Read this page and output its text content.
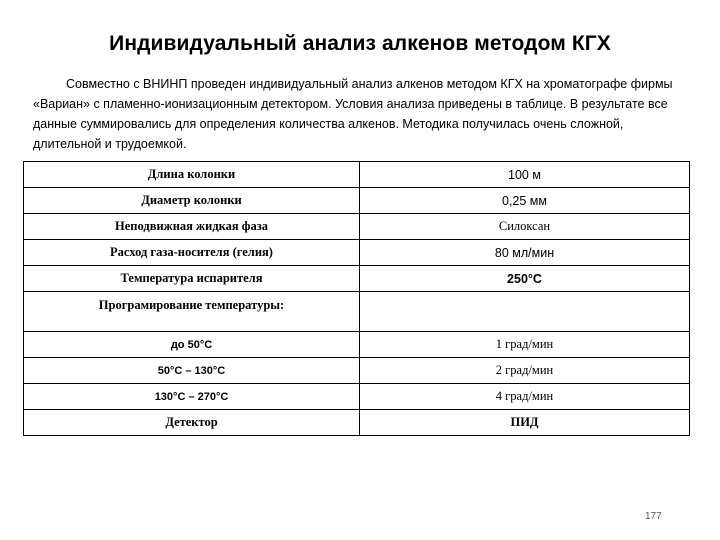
Индивидуальный анализ алкенов методом КГХ

Совместно с ВНИНП проведен индивидуальный анализ алкенов методом КГХ на хроматографе фирмы «Вариан» с пламенно-ионизационным детектором. Условия анализа приведены в таблице. В результате все данные суммировались для определения количества алкенов. Методика получилась очень сложной, длительной и трудоемкой.

Длина колонки	100 м
Диаметр колонки	0,25 мм
Неподвижная жидкая фаза	Силоксан
Расход газа-носителя (гелия)	80 мл/мин
Температура испарителя	250°C
Програмирование температуры:	
до 50°C	1 град/мин
50°C – 130°C	2 град/мин
130°C – 270°C	4 град/мин
Детектор	ПИД
177
